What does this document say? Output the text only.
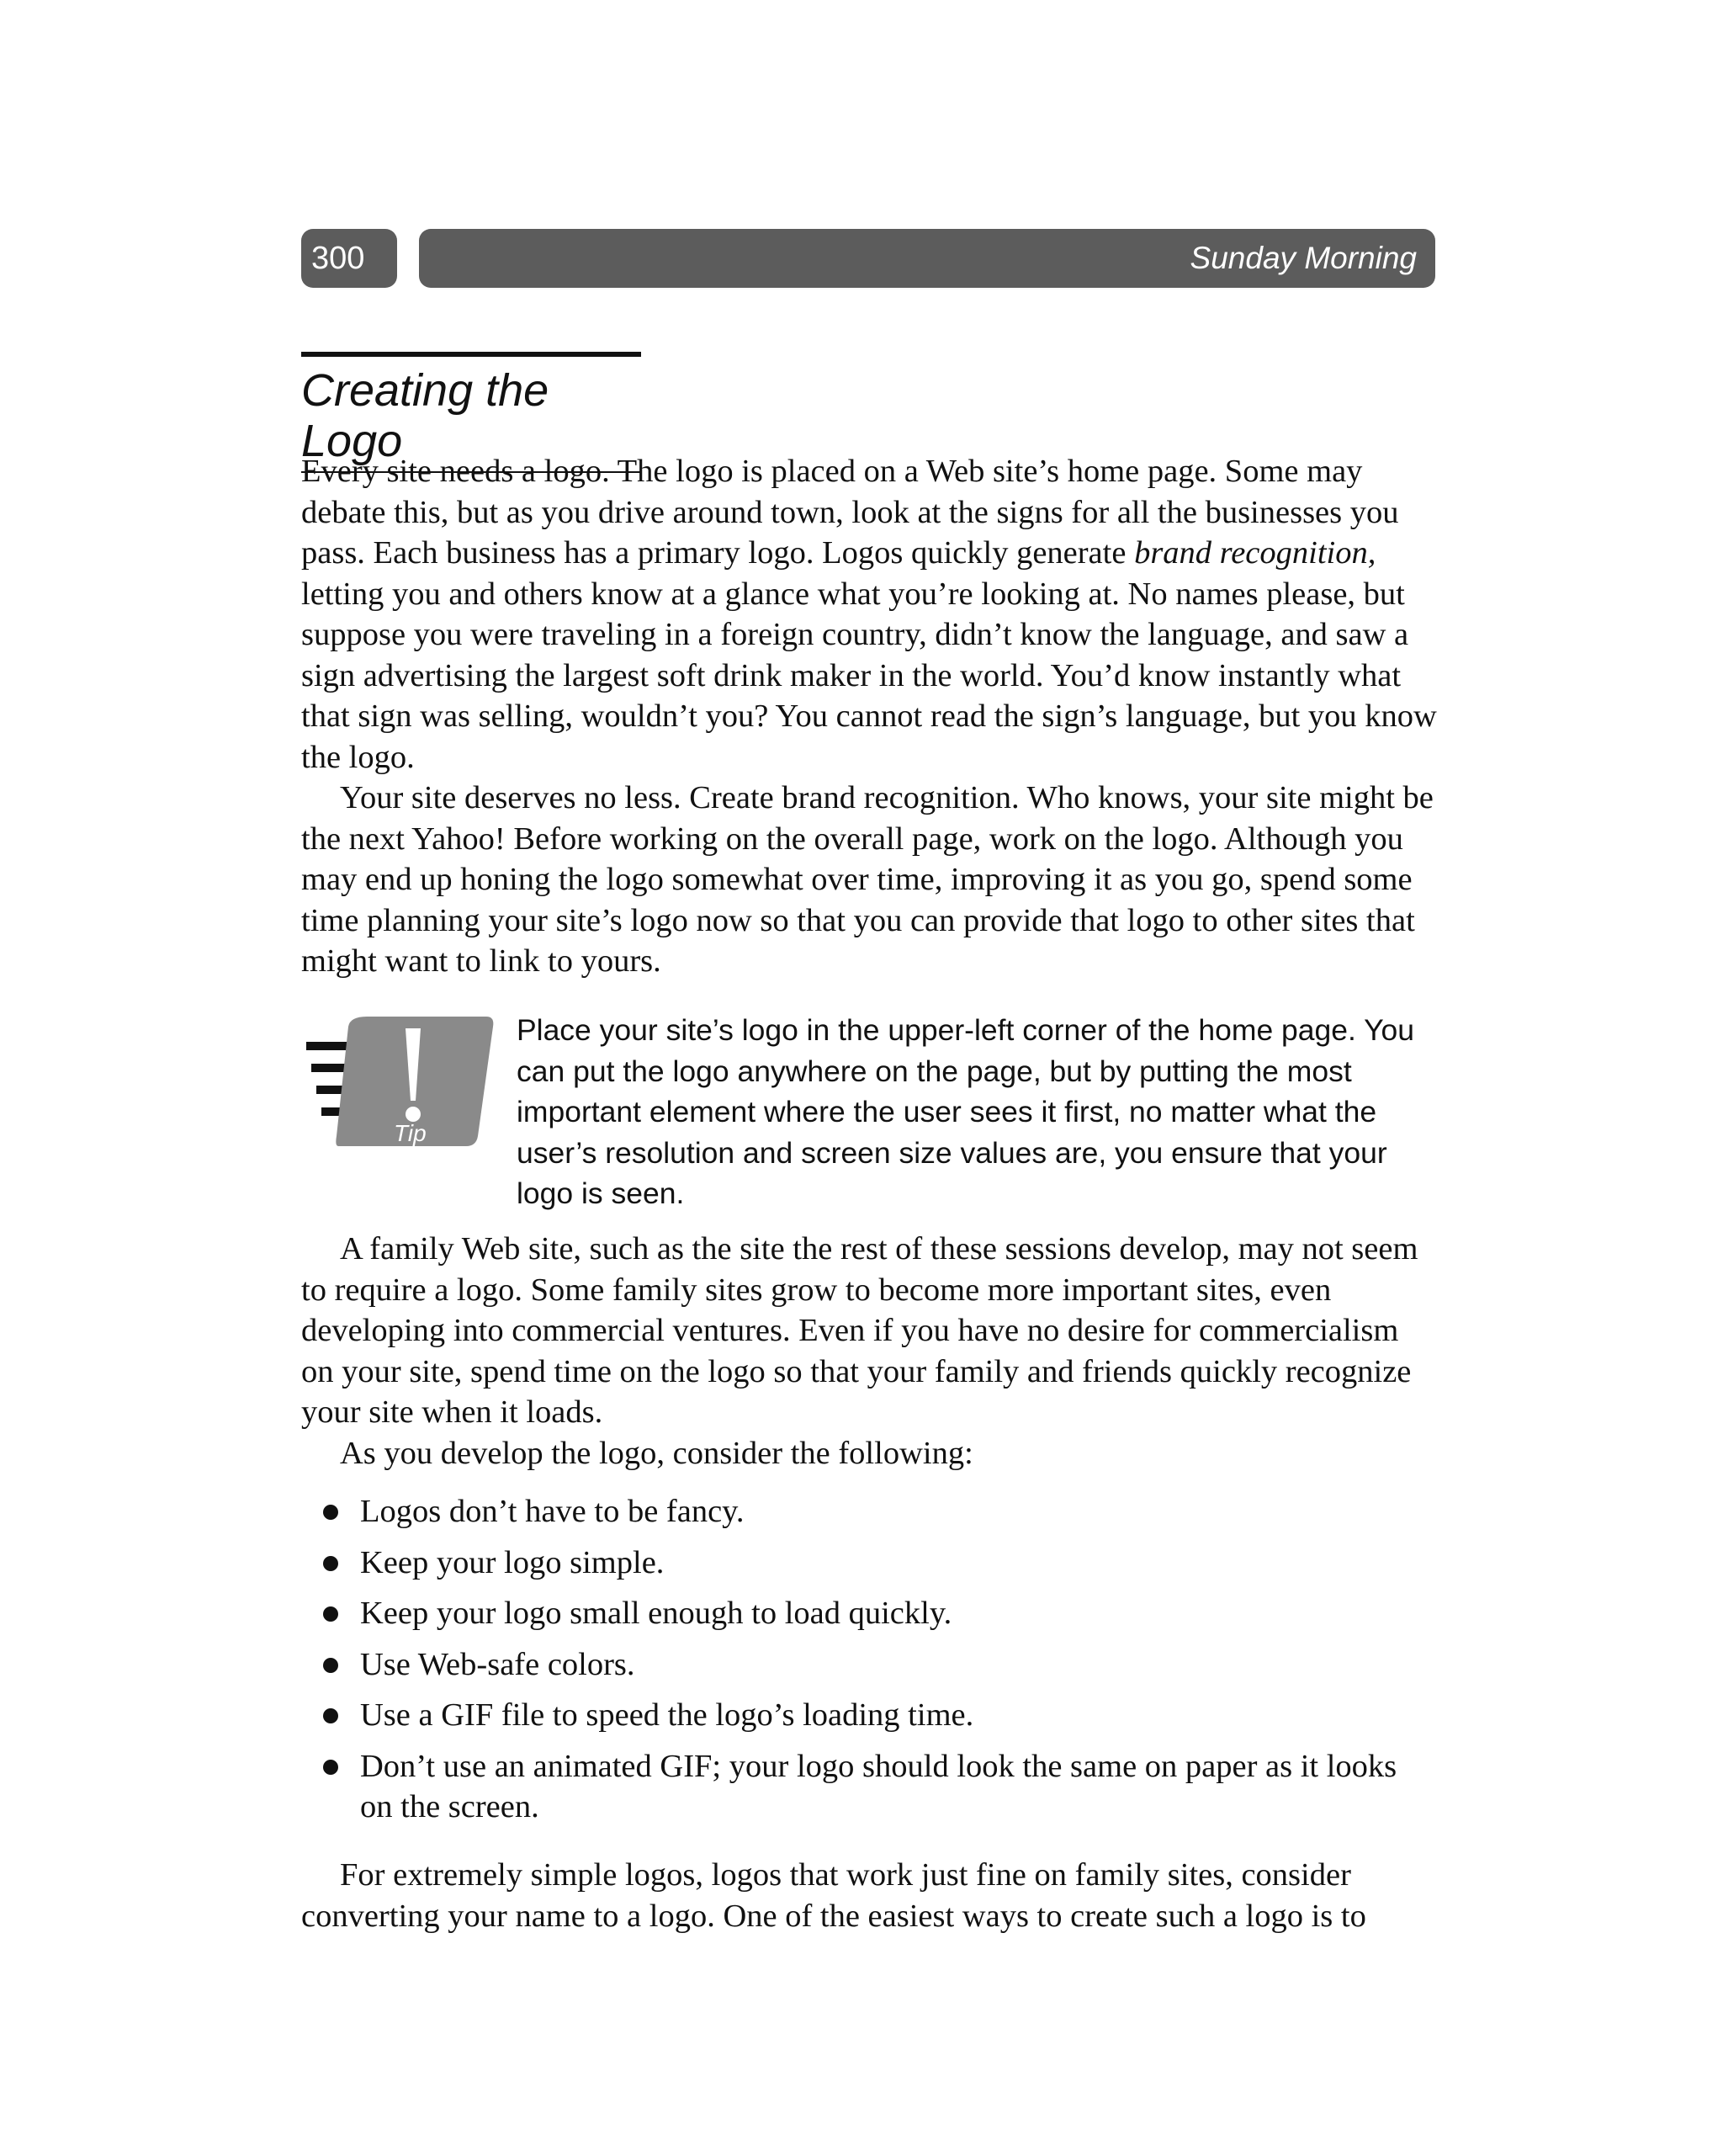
300	Sunday Morning
Creating the Logo

Every site needs a logo. The logo is placed on a Web site’s home page. Some may debate this, but as you drive around town, look at the signs for all the businesses you pass. Each business has a primary logo. Logos quickly generate brand recognition, letting you and others know at a glance what you’re looking at. No names please, but suppose you were traveling in a foreign country, didn’t know the language, and saw a sign advertising the largest soft drink maker in the world. You’d know instantly what that sign was selling, wouldn’t you? You cannot read the sign’s language, but you know the logo.

Your site deserves no less. Create brand recognition. Who knows, your site might be the next Yahoo! Before working on the overall page, work on the logo. Although you may end up honing the logo somewhat over time, improving it as you go, spend some time planning your site’s logo now so that you can provide that logo to other sites that might want to link to yours.

Tip

Place your site’s logo in the upper-left corner of the home page. You can put the logo anywhere on the page, but by putting the most important element where the user sees it first, no matter what the user’s resolution and screen size values are, you ensure that your logo is seen.

A family Web site, such as the site the rest of these sessions develop, may not seem to require a logo. Some family sites grow to become more important sites, even developing into commercial ventures. Even if you have no desire for commercialism on your site, spend time on the logo so that your family and friends quickly recognize your site when it loads.

As you develop the logo, consider the following:

Logos don’t have to be fancy.
Keep your logo simple.
Keep your logo small enough to load quickly.
Use Web-safe colors.
Use a GIF file to speed the logo’s loading time.
Don’t use an animated GIF; your logo should look the same on paper as it looks on the screen.

For extremely simple logos, logos that work just fine on family sites, consider converting your name to a logo. One of the easiest ways to create such a logo is to
